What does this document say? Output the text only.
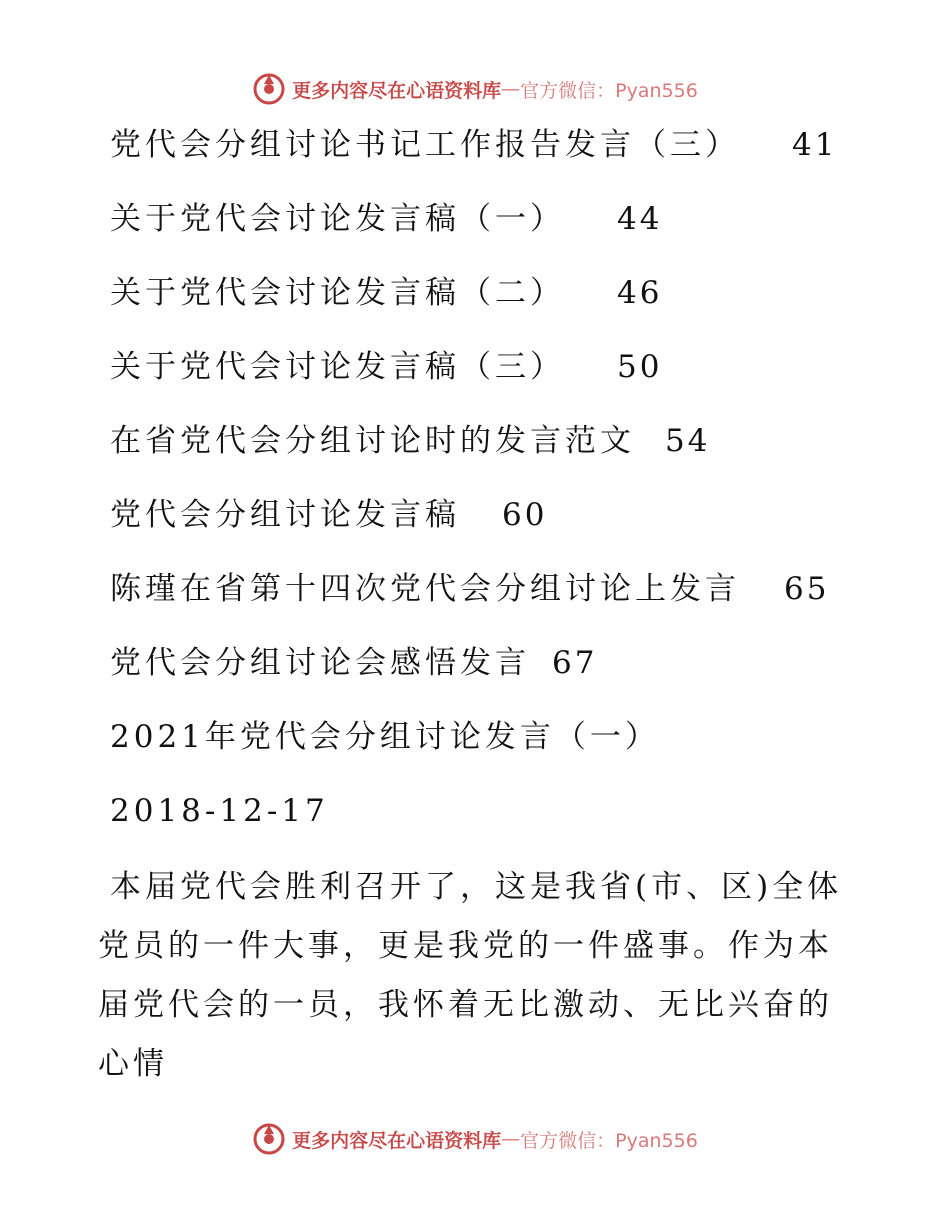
更多内容尽在心语资料库 — 官方微信：Pyan556
党代会分组讨论书记工作报告发言（三） 41
关于党代会讨论发言稿（一） 44
关于党代会讨论发言稿（二） 46
关于党代会讨论发言稿（三） 50
在省党代会分组讨论时的发言范文 54
党代会分组讨论发言稿 60
陈瑾在省第十四次党代会分组讨论上发言 65
党代会分组讨论会感悟发言 67
2021年党代会分组讨论发言（一）
2018-12-17
本届党代会胜利召开了，这是我省(市、区)全体党员的一件大事，更是我党的一件盛事。作为本届党代会的一员，我怀着无比激动、无比兴奋的心情
更多内容尽在心语资料库 — 官方微信：Pyan556
